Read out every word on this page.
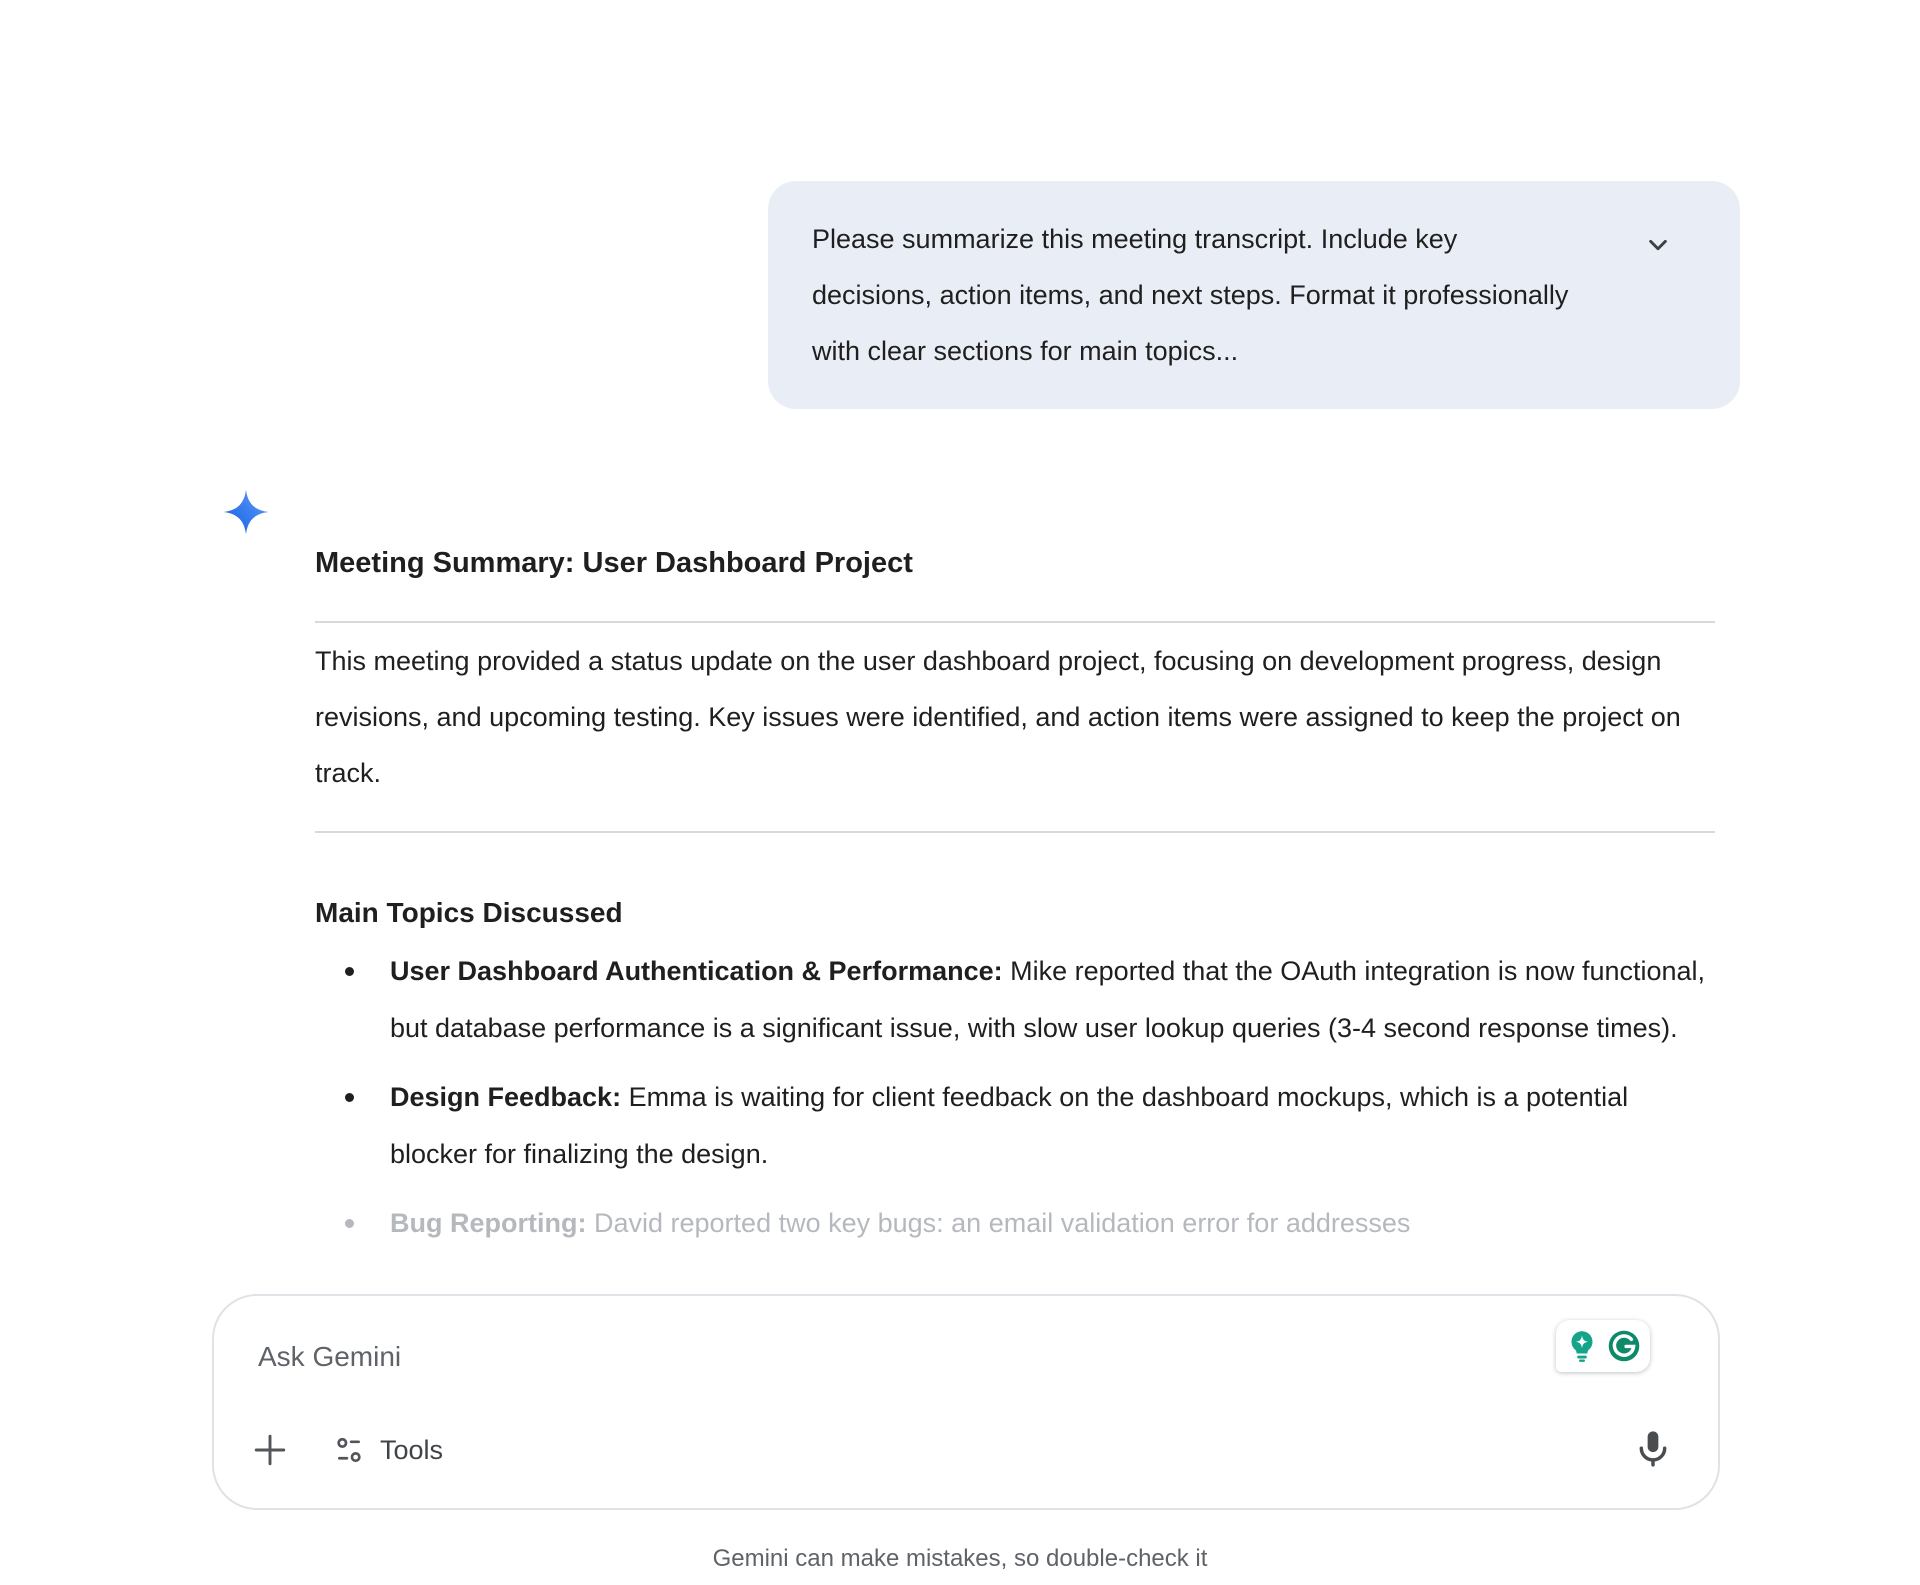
Please summarize this meeting transcript. Include key decisions, action items, and next steps. Format it professionally with clear sections for main topics...

Meeting Summary: User Dashboard Project

This meeting provided a status update on the user dashboard project, focusing on development progress, design revisions, and upcoming testing. Key issues were identified, and action items were assigned to keep the project on track.

Main Topics Discussed
User Dashboard Authentication & Performance: Mike reported that the OAuth integration is now functional, but database performance is a significant issue, with slow user lookup queries (3-4 second response times).
Design Feedback: Emma is waiting for client feedback on the dashboard mockups, which is a potential blocker for finalizing the design.
Bug Reporting: David reported two key bugs: an email validation error for addresses
Ask Gemini
Tools

Gemini can make mistakes, so double-check it
